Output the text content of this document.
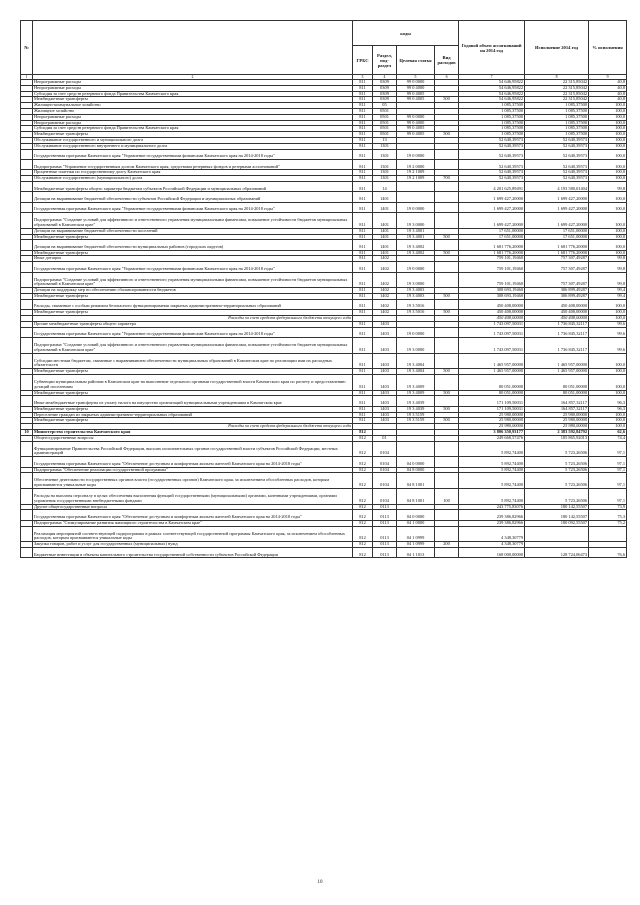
№		коды				Годовой объем ассигнований на 2014 год	Исполнение 2014 год	% исполнения
		ГРБС	Раздел, под-раздел	Целевая статья	Вид расходов			
1	2	3	4	5	6	7	8	9
	Непрограммные расходы	811	0309	99 0 0000		54 646,95822	22 315,85042	40,8
	Непрограммные расходы	811	0309	99 0 4000		54 646,95822	22 315,85042	40,8
	Субсидия за счет средств резервного фонда Правительства Камчатского края	811	0309	99 0 4005		54 646,95822	22 315,85042	40,8
	Межбюджетные трансферты	811	0309	99 0 4005	500	54 646,95822	22 315,85042	40,8
	Жилищно-коммунальное хозяйство	811	05			1 085,37500	1 085,37500	100,0
	Жилищное хозяйство	811	0501			1 085,37500	1 085,37500	100,0
	Непрограммные расходы	811	0501	99 0 0000		1 085,37500	1 085,37500	100,0
	Непрограммные расходы	811	0501	99 0 4000		1 085,37500	1 085,37500	100,0
	Субсидия за счет средств резервного фонда Правительства Камчатского края	811	0501	99 0 4005		1 085,37500	1 085,37500	100,0
	Межбюджетные трансферты	811	0501	99 0 4005	500	1 085,37500	1 085,37500	100,0
	Обслуживание государственного и муниципального долга	811	13			52 640,39573	52 640,39573	100,0
	Обслуживание государственного внутреннего и муниципального долга	811	1301			52 640,39573	52 640,39573	100,0
	Государственная программа Камчатского края "Управление государственными финансами Камчатского края на 2014-2018 годы"	811	1301	19 0 0000		52 640,39573	52 640,39573	100,0
	Подпрограмма "Управление государственным долгом Камчатского края, средствами резервных фондов и резервами ассигнований"	811	1301	19 2 0000		52 640,39573	52 640,39573	100,0
	Процентные платежи по государственному долгу Камчатского края	811	1301	19 2 1009		52 640,39573	52 640,39573	100,0
	Обслуживание государственного (муниципального) долга	811	1301	19 2 1009	700	52 640,39573	52 640,39573	100,0
	Межбюджетные трансферты общего характера бюджетам субъектов Российской Федерации и муниципальных образований	811	14			4 201 625,89491	4 193 580,01404	99,8
	Дотации на выравнивание бюджетной обеспеченности субъектов Российской Федерации и муниципальных образований	811	1401			1 699 427,20000	1 699 427,20000	100,0
	Государственная программа Камчатского края "Управление государственными финансами Камчатского края на 2014-2018 годы"	811	1401	19 0 0000		1 699 427,20000	1 699 427,20000	100,0
	Подпрограмма "Создание условий для эффективного и ответственного управления муниципальными финансами, повышение устойчивости бюджетов муниципальных образований в Камчатском крае"	811	1401	19 3 0000		1 699 427,20000	1 699 427,20000	100,0
	Дотации на выравнивание бюджетной обеспеченности поселений	811	1401	19 3 4001		17 651,00000	17 651,00000	100,0
	Межбюджетные трансферты	811	1401	19 3 4001	500	17 651,00000	17 651,00000	100,0
	Дотации на выравнивание бюджетной обеспеченности муниципальных районов (городских округов)	811	1401	19 3 4002		1 681 776,20000	1 681 776,20000	100,0
	Межбюджетные трансферты	811	1401	19 3 4002	500	1 681 776,20000	1 681 776,20000	100,0
	Иные дотации	811	1402			759 101,19460	757 307,49287	99,8
	Государственная программа Камчатского края "Управление государственными финансами Камчатского края на 2014-2018 годы"	811	1402	19 0 0000		759 101,19460	757 307,49287	99,8
	Подпрограмма "Создание условий для эффективного и ответственного управления муниципальными финансами, повышение устойчивости бюджетов муниципальных образований в Камчатском крае"	811	1402	19 3 0000		759 101,19460	757 307,49287	99,8
	Дотации на поддержку мер по обеспечению сбалансированности бюджетов	811	1402	19 3 4003		308 693,19460	306 899,49287	99,4
	Межбюджетные трансферты	811	1402	19 3 4003	500	308 693,19460	306 899,49287	99,4
	Расходы, связанные с особым режимом безопасного функционирования закрытых административно-территориальных образований	811	1402	19 3 5016		450 408,00000	450 408,00000	100,0
	Межбюджетные трансферты	811	1402	19 3 5016	500	450 408,00000	450 408,00000	100,0
	Расходы за счет средств федерального бюджета текущего года					450 408,00000	450 408,00000	100,0
	Прочие межбюджетные трансферты общего характера	811	1403			1 743 097,50031	1 736 845,32117	99,6
	Государственная программа Камчатского края "Управление государственными финансами Камчатского края на 2014-2018 годы"	811	1403	19 0 0000		1 743 097,50031	1 736 845,32117	99,6
	Подпрограмма "Создание условий для эффективного и ответственного управления муниципальными финансами, повышение устойчивости бюджетов муниципальных образований в Камчатском крае"	811	1403	19 3 0000		1 743 097,50031	1 736 845,32117	99,6
	Субсидии местным бюджетам, связанные с выравниванием обеспеченности муниципальных образований в Камчатском крае по реализации ими их расходных обязательств	811	1403	19 3 4004		1 465 957,00000	1 465 957,00000	100,0
	Межбюджетные трансферты	811	1403	19 3 4004	500	1 465 957,00000	1 465 957,00000	100,0
	Субвенции муниципальным районам в Камчатском крае на выполнение отдельного органами государственной власти Камчатского края по расчету и предоставлению дотаций поселениям	811	1403	19 3 4009		80 051,00000	80 051,00000	100,0
	Межбюджетные трансферты	811	1403	19 3 4009	500	80 051,00000	80 051,00000	100,0
	Иные межбюджетные трансферты из уплату налога на имущество организаций муниципальными учреждениями в Камчатском крае	811	1403	19 3 4039		171 109,50031	164 857,32117	96,3
	Межбюджетные трансферты	811	1403	19 3 4039	500	171 109,50031	164 857,32117	96,3
	Переселение граждан из закрытых административно-территориальных образований	811	1403	19 3 5159		25 980,00000	25 980,00000	100,0
	Межбюджетные трансферты	811	1403	19 3 5159	500	25 980,00000	25 980,00000	100,0
	Расходы за счет средств федерального бюджета текущего года					25 980,00000	25 980,00000	100,0
10	Министерство строительства Камчатского края	812				3 806 350,93177	2 383 592,84792	62,6
	Общегосударственные вопросы	812	01			249 668,57476	185 865,92013	74,4
	Функционирование Правительства Российской Федерации, высших исполнительных органов государственной власти субъектов Российской Федерации, местных администраций	812	0104			5 892,74400	5 723,26506	97,1
	Государственная программа Камчатского края "Обеспечение доступным и комфортным жильем жителей Камчатского края на 2014-2018 годы"	812	0104	04 0 0000		5 892,74400	5 723,26506	97,1
	Подпрограмма "Обеспечение реализации государственной программы"	812	0104	04 8 0000		5 892,74400	5 723,26506	97,1
	Обеспечение деятельности государственных органов власти (государственных органов) Камчатского края, за исключением обособленных расходов, которым присваиваются уникальные коды	812	0104	04 8 1001		5 892,74400	5 723,26506	97,1
	Расходы на выплаты персоналу в целях обеспечения выполнения функций государственными (муниципальными) органами, казенными учреждениями, органами управления государственными внебюджетными фондами	812	0104	04 8 1001	100	5 892,74400	5 723,26506	97,1
	Другие общегосударственные вопросы	812	0113			243 775,83076	180 142,55507	73,9
	Государственная программа Камчатского края "Обеспечение доступным и комфортным жильем жителей Камчатского края на 2014-2018 годы"	812	0113	04 0 0000		239 386,82966	180 142,55507	75,3
	Подпрограмма "Стимулирование развития жилищного строительства в Камчатском крае"	812	0113	04 1 0000		239 386,82966	180 092,55507	75,2
	Реализация мероприятий соответствующей подпрограммы в рамках соответствующей государственной программы Камчатского края, за исключением обособленных расходов, которым присваиваются уникальные коды	812	0113	04 1 0999		4 348,30779		
	Закупка товаров, работ и услуг для государственных (муниципальных) нужд	812	0113	04 1 0999	200	4 348,30779		
	Бюджетные инвестиции в объекты капитального строительства государственной собственности субъектов Российской Федерации	812	0113	04 1 1013		168 000,00000	128 724,06473	76,6
10
